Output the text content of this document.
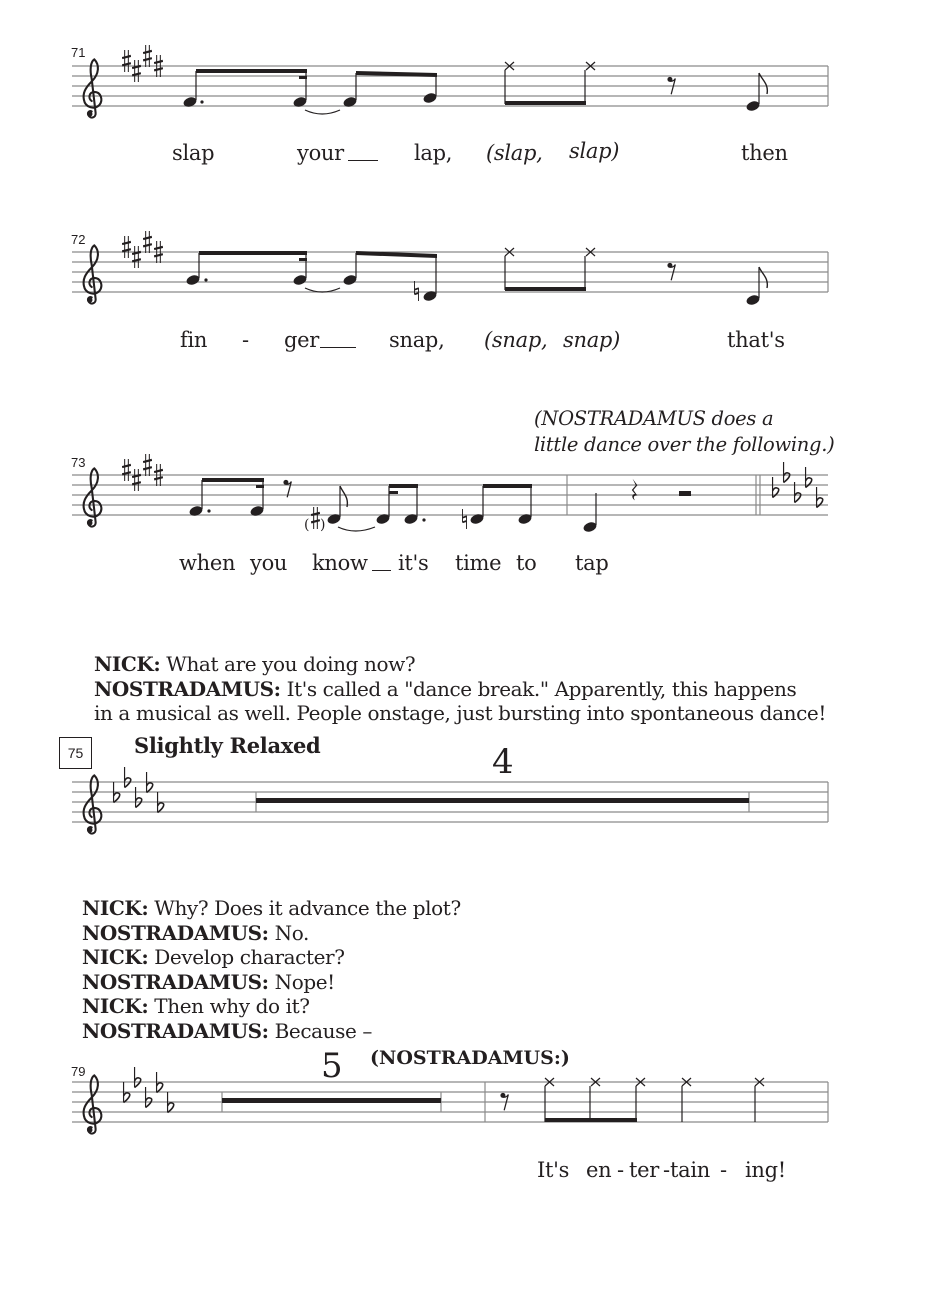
71
slap	your	lap, (slap, slap)	then
72
fin - ger	snap, (snap, snap)	that's
(NOSTRADAMUS does a
little dance over the following.)
73
( )
when you know it's time to tap
NICK: What are you doing now?
NOSTRADAMUS: It's called a "dance break." Apparently, this happens
in a musical as well. People onstage, just bursting into spontaneous dance!
75	Slightly Relaxed	4
NICK: Why? Does it advance the plot?
NOSTRADAMUS: No.
NICK: Develop character?
NOSTRADAMUS: Nope!
NICK: Then why do it?
NOSTRADAMUS: Because –
79	5 (NOSTRADAMUS:)
It's en - ter - tain - ing!
